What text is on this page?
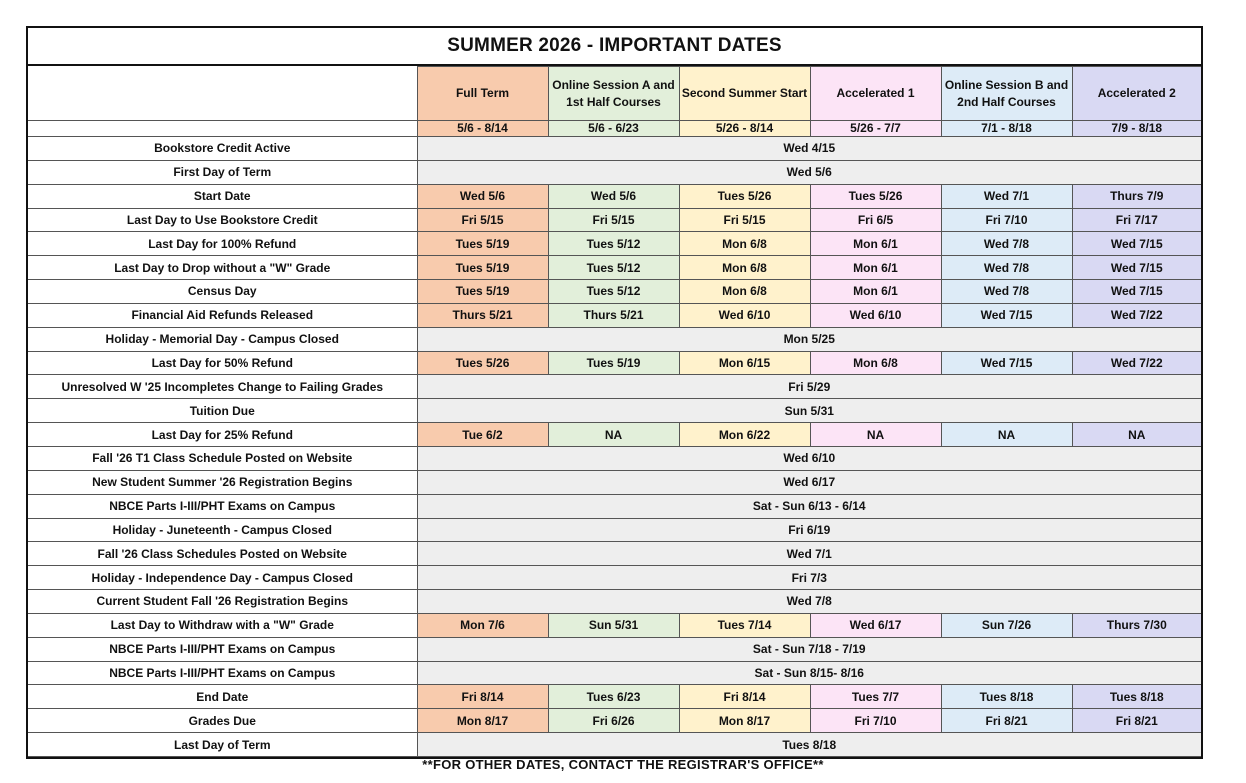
SUMMER 2026 - IMPORTANT DATES
	Full Term	Online Session A and 1st Half Courses	Second Summer Start	Accelerated 1	Online Session B and 2nd Half Courses	Accelerated 2
	5/6 - 8/14	5/6 - 6/23	5/26 - 8/14	5/26 - 7/7	7/1 - 8/18	7/9 - 8/18
Bookstore Credit Active	Wed 4/15					
First Day of Term	Wed 5/6					
Start Date	Wed 5/6	Wed 5/6	Tues 5/26	Tues 5/26	Wed 7/1	Thurs 7/9
Last Day to Use Bookstore Credit	Fri 5/15	Fri 5/15	Fri 5/15	Fri 6/5	Fri 7/10	Fri 7/17
Last Day for 100% Refund	Tues 5/19	Tues 5/12	Mon 6/8	Mon 6/1	Wed 7/8	Wed 7/15
Last Day to Drop without a "W" Grade	Tues 5/19	Tues 5/12	Mon 6/8	Mon 6/1	Wed 7/8	Wed 7/15
Census Day	Tues 5/19	Tues 5/12	Mon 6/8	Mon 6/1	Wed 7/8	Wed 7/15
Financial Aid Refunds Released	Thurs 5/21	Thurs 5/21	Wed 6/10	Wed 6/10	Wed 7/15	Wed 7/22
Holiday - Memorial Day - Campus Closed	Mon 5/25					
Last Day for 50% Refund	Tues 5/26	Tues 5/19	Mon 6/15	Mon 6/8	Wed 7/15	Wed 7/22
Unresolved W '25 Incompletes Change to Failing Grades	Fri 5/29					
Tuition Due	Sun 5/31					
Last Day for 25% Refund	Tue 6/2	NA	Mon 6/22	NA	NA	NA
Fall '26 T1 Class Schedule Posted on Website	Wed 6/10					
New Student Summer '26 Registration Begins	Wed 6/17					
NBCE Parts I-III/PHT Exams on Campus	Sat - Sun 6/13 - 6/14					
Holiday - Juneteenth - Campus Closed	Fri 6/19					
Fall '26 Class Schedules Posted on Website	Wed 7/1					
Holiday - Independence Day - Campus Closed	Fri 7/3					
Current Student Fall '26 Registration Begins	Wed 7/8					
Last Day to Withdraw with a "W" Grade	Mon 7/6	Sun 5/31	Tues 7/14	Wed 6/17	Sun 7/26	Thurs 7/30
NBCE Parts I-III/PHT Exams on Campus	Sat - Sun 7/18 - 7/19					
NBCE Parts I-III/PHT Exams on Campus	Sat - Sun 8/15- 8/16					
End Date	Fri 8/14	Tues 6/23	Fri 8/14	Tues 7/7	Tues 8/18	Tues 8/18
Grades Due	Mon 8/17	Fri 6/26	Mon 8/17	Fri 7/10	Fri 8/21	Fri 8/21
Last Day of Term	Tues 8/18					
**FOR OTHER DATES, CONTACT THE REGISTRAR'S OFFICE**
